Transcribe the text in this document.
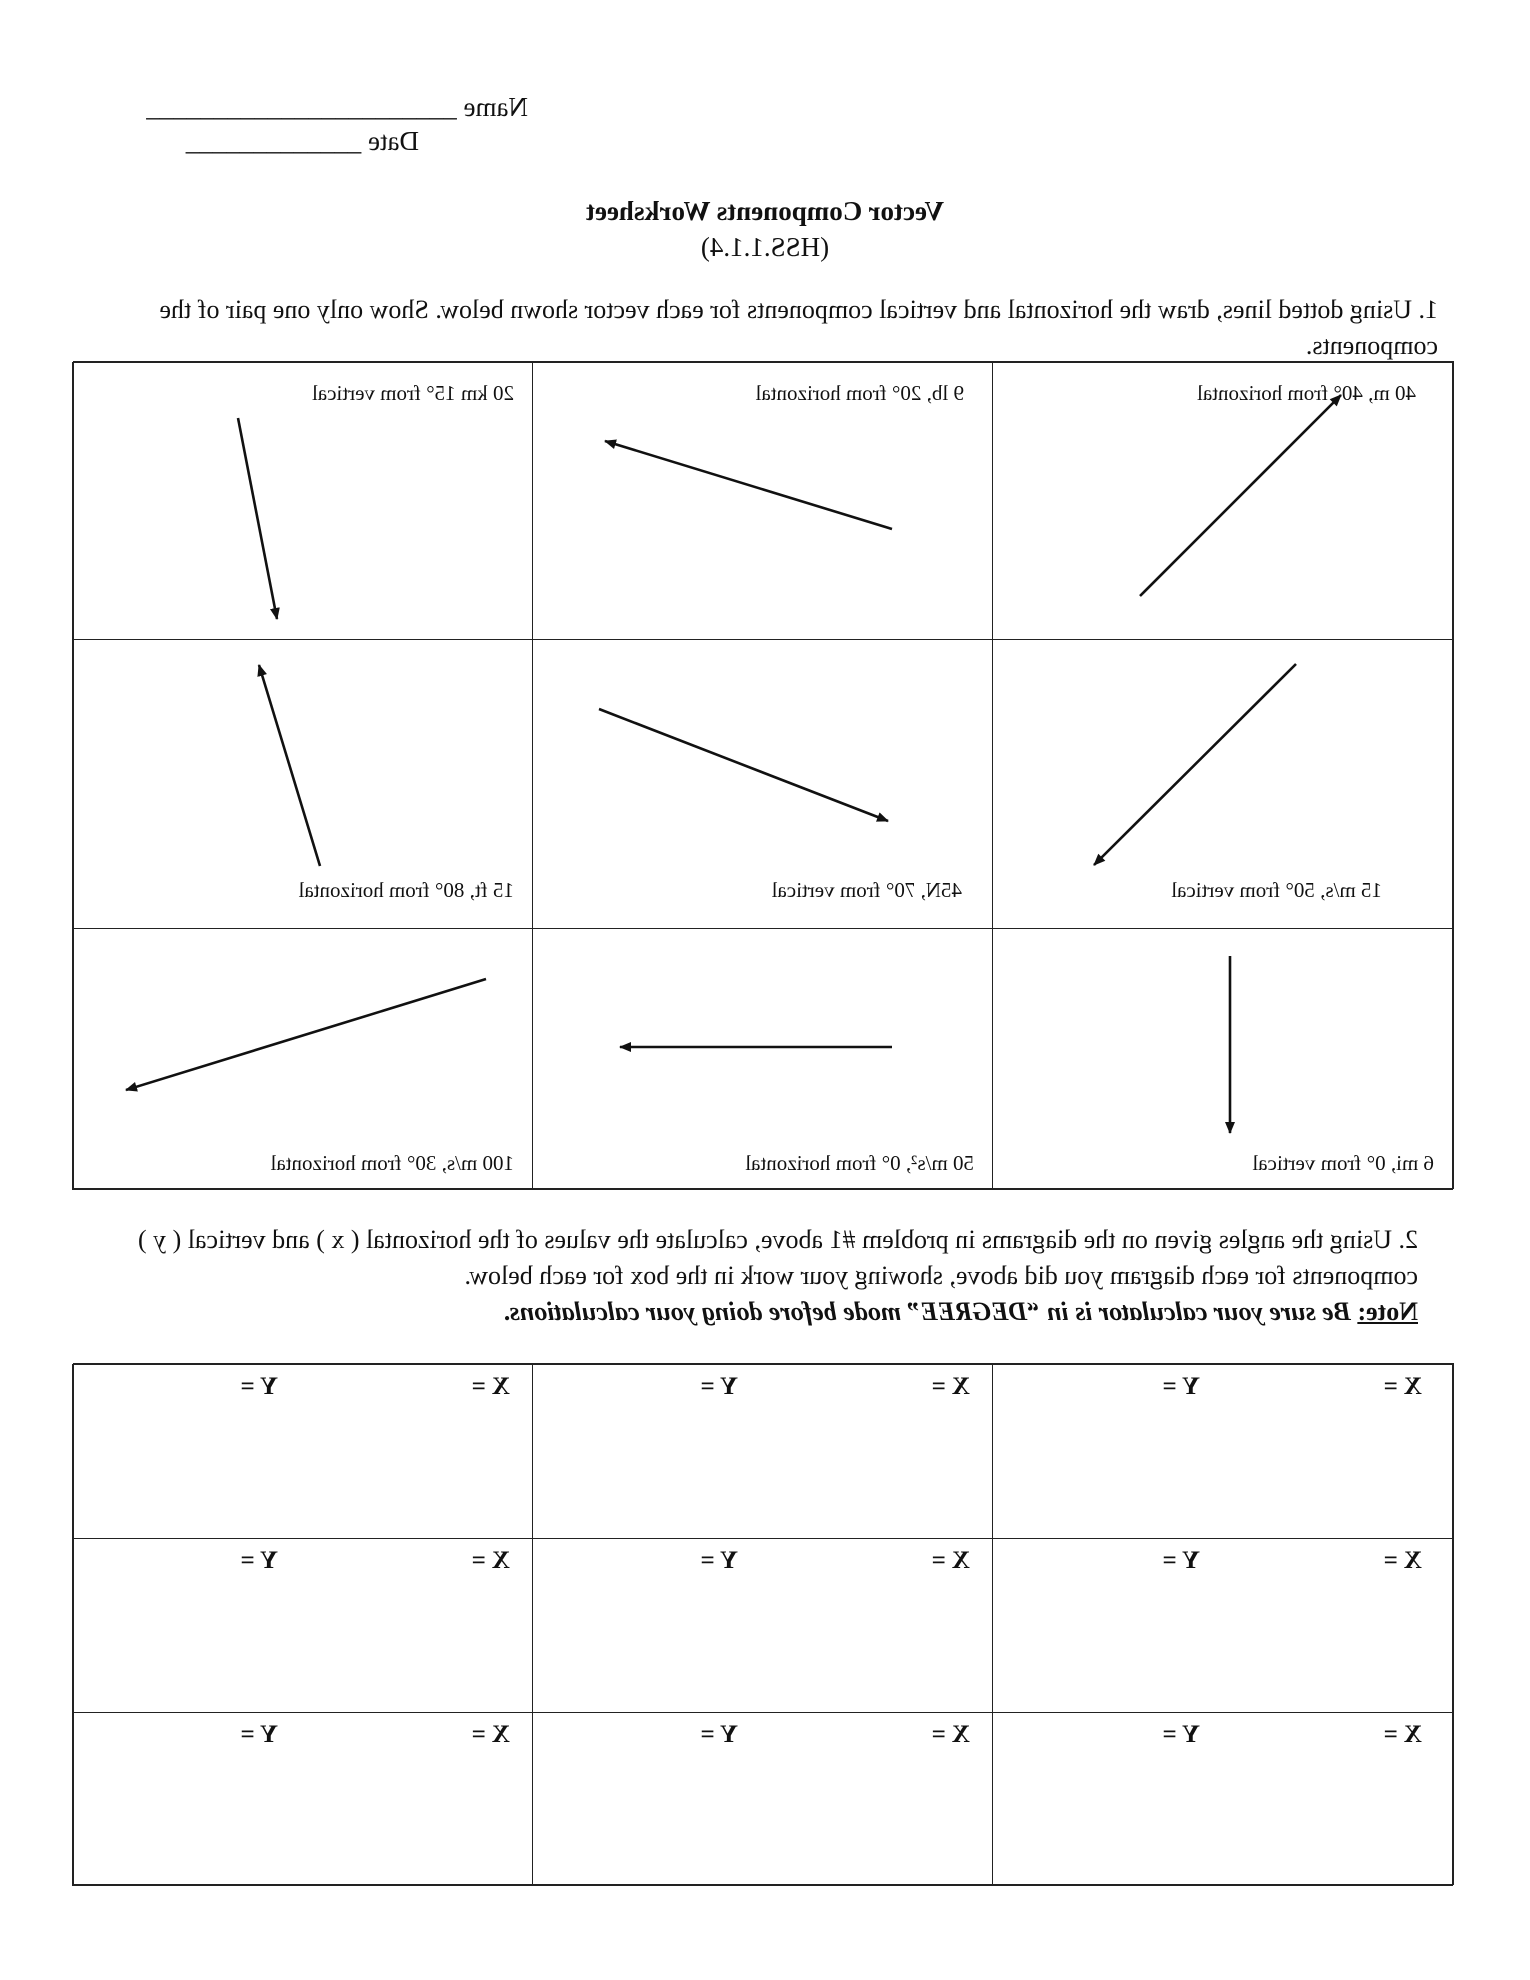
Name _______________________
Date _____________
Vector Components Worksheet
(HSS.1.1.4)
1. Using dotted lines, draw the horizontal and vertical components for each vector shown below. Show only one pair of the components.
40 m, 40° from horizontal
9 lb, 20° from horizontal
20 km 15° from vertical
15 m/s, 50° from vertical
45N, 70° from vertical
15 ft, 80° from horizontal
6 mi, 0° from vertical
50 m/s², 0° from horizontal
100 m/s, 30° from horizontal
2. Using the angles given on the diagrams in problem #1 above, calculate the values of the horizontal ( x ) and vertical ( y ) components for each diagram you did above, showing your work in the box for each below.
Note: Be sure your calculator is in “DEGREE” mode before doing your calculations.
X =
Y =
X =
Y =
X =
Y =
X =
Y =
X =
Y =
X =
Y =
X =
Y =
X =
Y =
X =
Y =
